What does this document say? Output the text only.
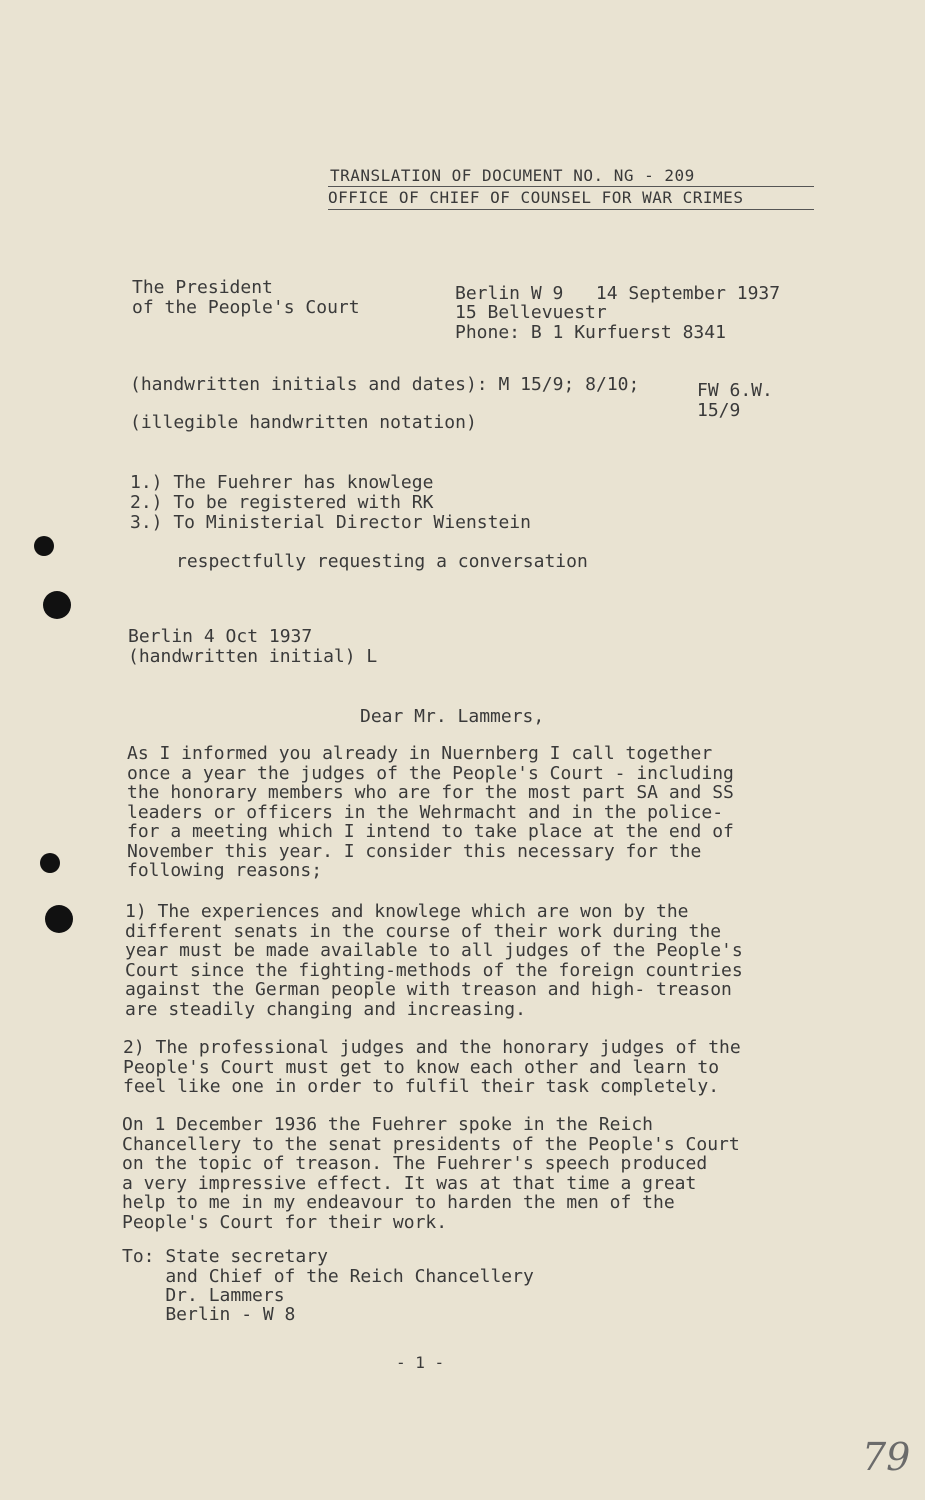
TRANSLATION OF DOCUMENT NO. NG - 209
OFFICE OF CHIEF OF COUNSEL FOR WAR CRIMES
The President
of the People's Court
Berlin W 9   14 September 1937
15 Bellevuestr
Phone: B 1 Kurfuerst 8341
(handwritten initials and dates): M 15/9; 8/10;	FW 6.W.
15/9
(illegible handwritten notation)
1.) The Fuehrer has knowlege
2.) To be registered with RK
3.) To Ministerial Director Wienstein
respectfully requesting a conversation
Berlin 4 Oct 1937
(handwritten initial) L
Dear Mr. Lammers,
As I informed you already in Nuernberg I call together
once a year the judges of the People's Court - including
the honorary members who are for the most part SA and SS
leaders or officers in the Wehrmacht and in the police-
for a meeting which I intend to take place at the end of
November this year. I consider this necessary for the
following reasons;
1) The experiences and knowlege which are won by the
different senats in the course of their work during the
year must be made available to all judges of the People's
Court since the fighting-methods of the foreign countries
against the German people with treason and high- treason
are steadily changing and increasing.
2) The professional judges and the honorary judges of the
People's Court must get to know each other and learn to
feel like one in order to fulfil their task completely.
On 1 December 1936 the Fuehrer spoke in the Reich
Chancellery to the senat presidents of the People's Court
on the topic of treason. The Fuehrer's speech produced
a very impressive effect. It was at that time a great
help to me in my endeavour to harden the men of the
People's Court for their work.
To: State secretary
and Chief of the Reich Chancellery
Dr. Lammers
Berlin - W 8
- 1 -
79
